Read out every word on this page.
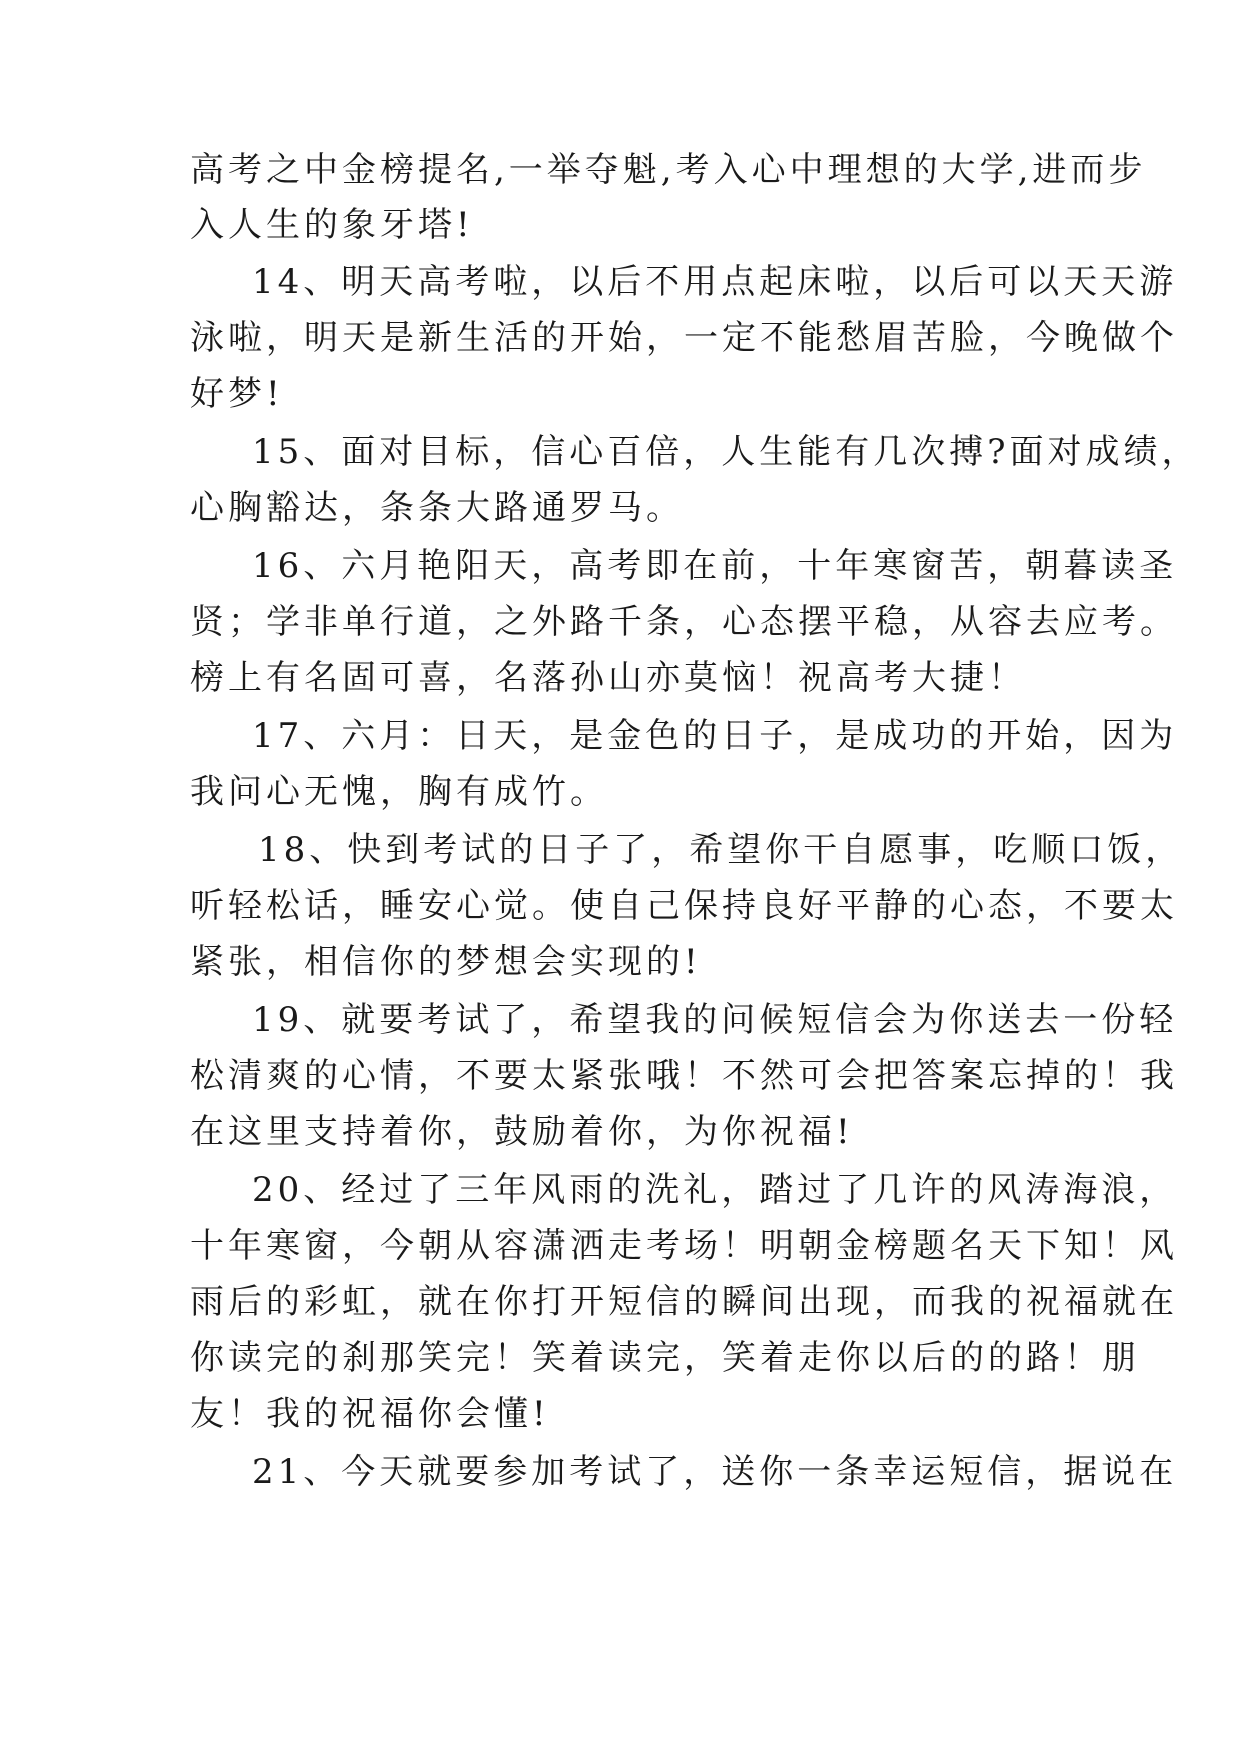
高考之中金榜提名,一举夺魁,考入心中理想的大学,进而步
入人生的象牙塔!
14、明天高考啦，以后不用点起床啦，以后可以天天游
泳啦，明天是新生活的开始，一定不能愁眉苦脸，今晚做个
好梦!
15、面对目标，信心百倍，人生能有几次搏?面对成绩，
心胸豁达，条条大路通罗马。
16、六月艳阳天，高考即在前，十年寒窗苦，朝暮读圣
贤；学非单行道，之外路千条，心态摆平稳，从容去应考。
榜上有名固可喜，名落孙山亦莫恼！祝高考大捷！
17、六月：日天，是金色的日子，是成功的开始，因为
我问心无愧，胸有成竹。
18、快到考试的日子了，希望你干自愿事，吃顺口饭，
听轻松话，睡安心觉。使自己保持良好平静的心态，不要太
紧张，相信你的梦想会实现的!
19、就要考试了，希望我的问候短信会为你送去一份轻
松清爽的心情，不要太紧张哦！不然可会把答案忘掉的！我
在这里支持着你，鼓励着你，为你祝福!
20、经过了三年风雨的洗礼，踏过了几许的风涛海浪，
十年寒窗，今朝从容潇洒走考场！明朝金榜题名天下知！风
雨后的彩虹，就在你打开短信的瞬间出现，而我的祝福就在
你读完的刹那笑完！笑着读完，笑着走你以后的的路！朋
友！我的祝福你会懂!
21、今天就要参加考试了，送你一条幸运短信，据说在
